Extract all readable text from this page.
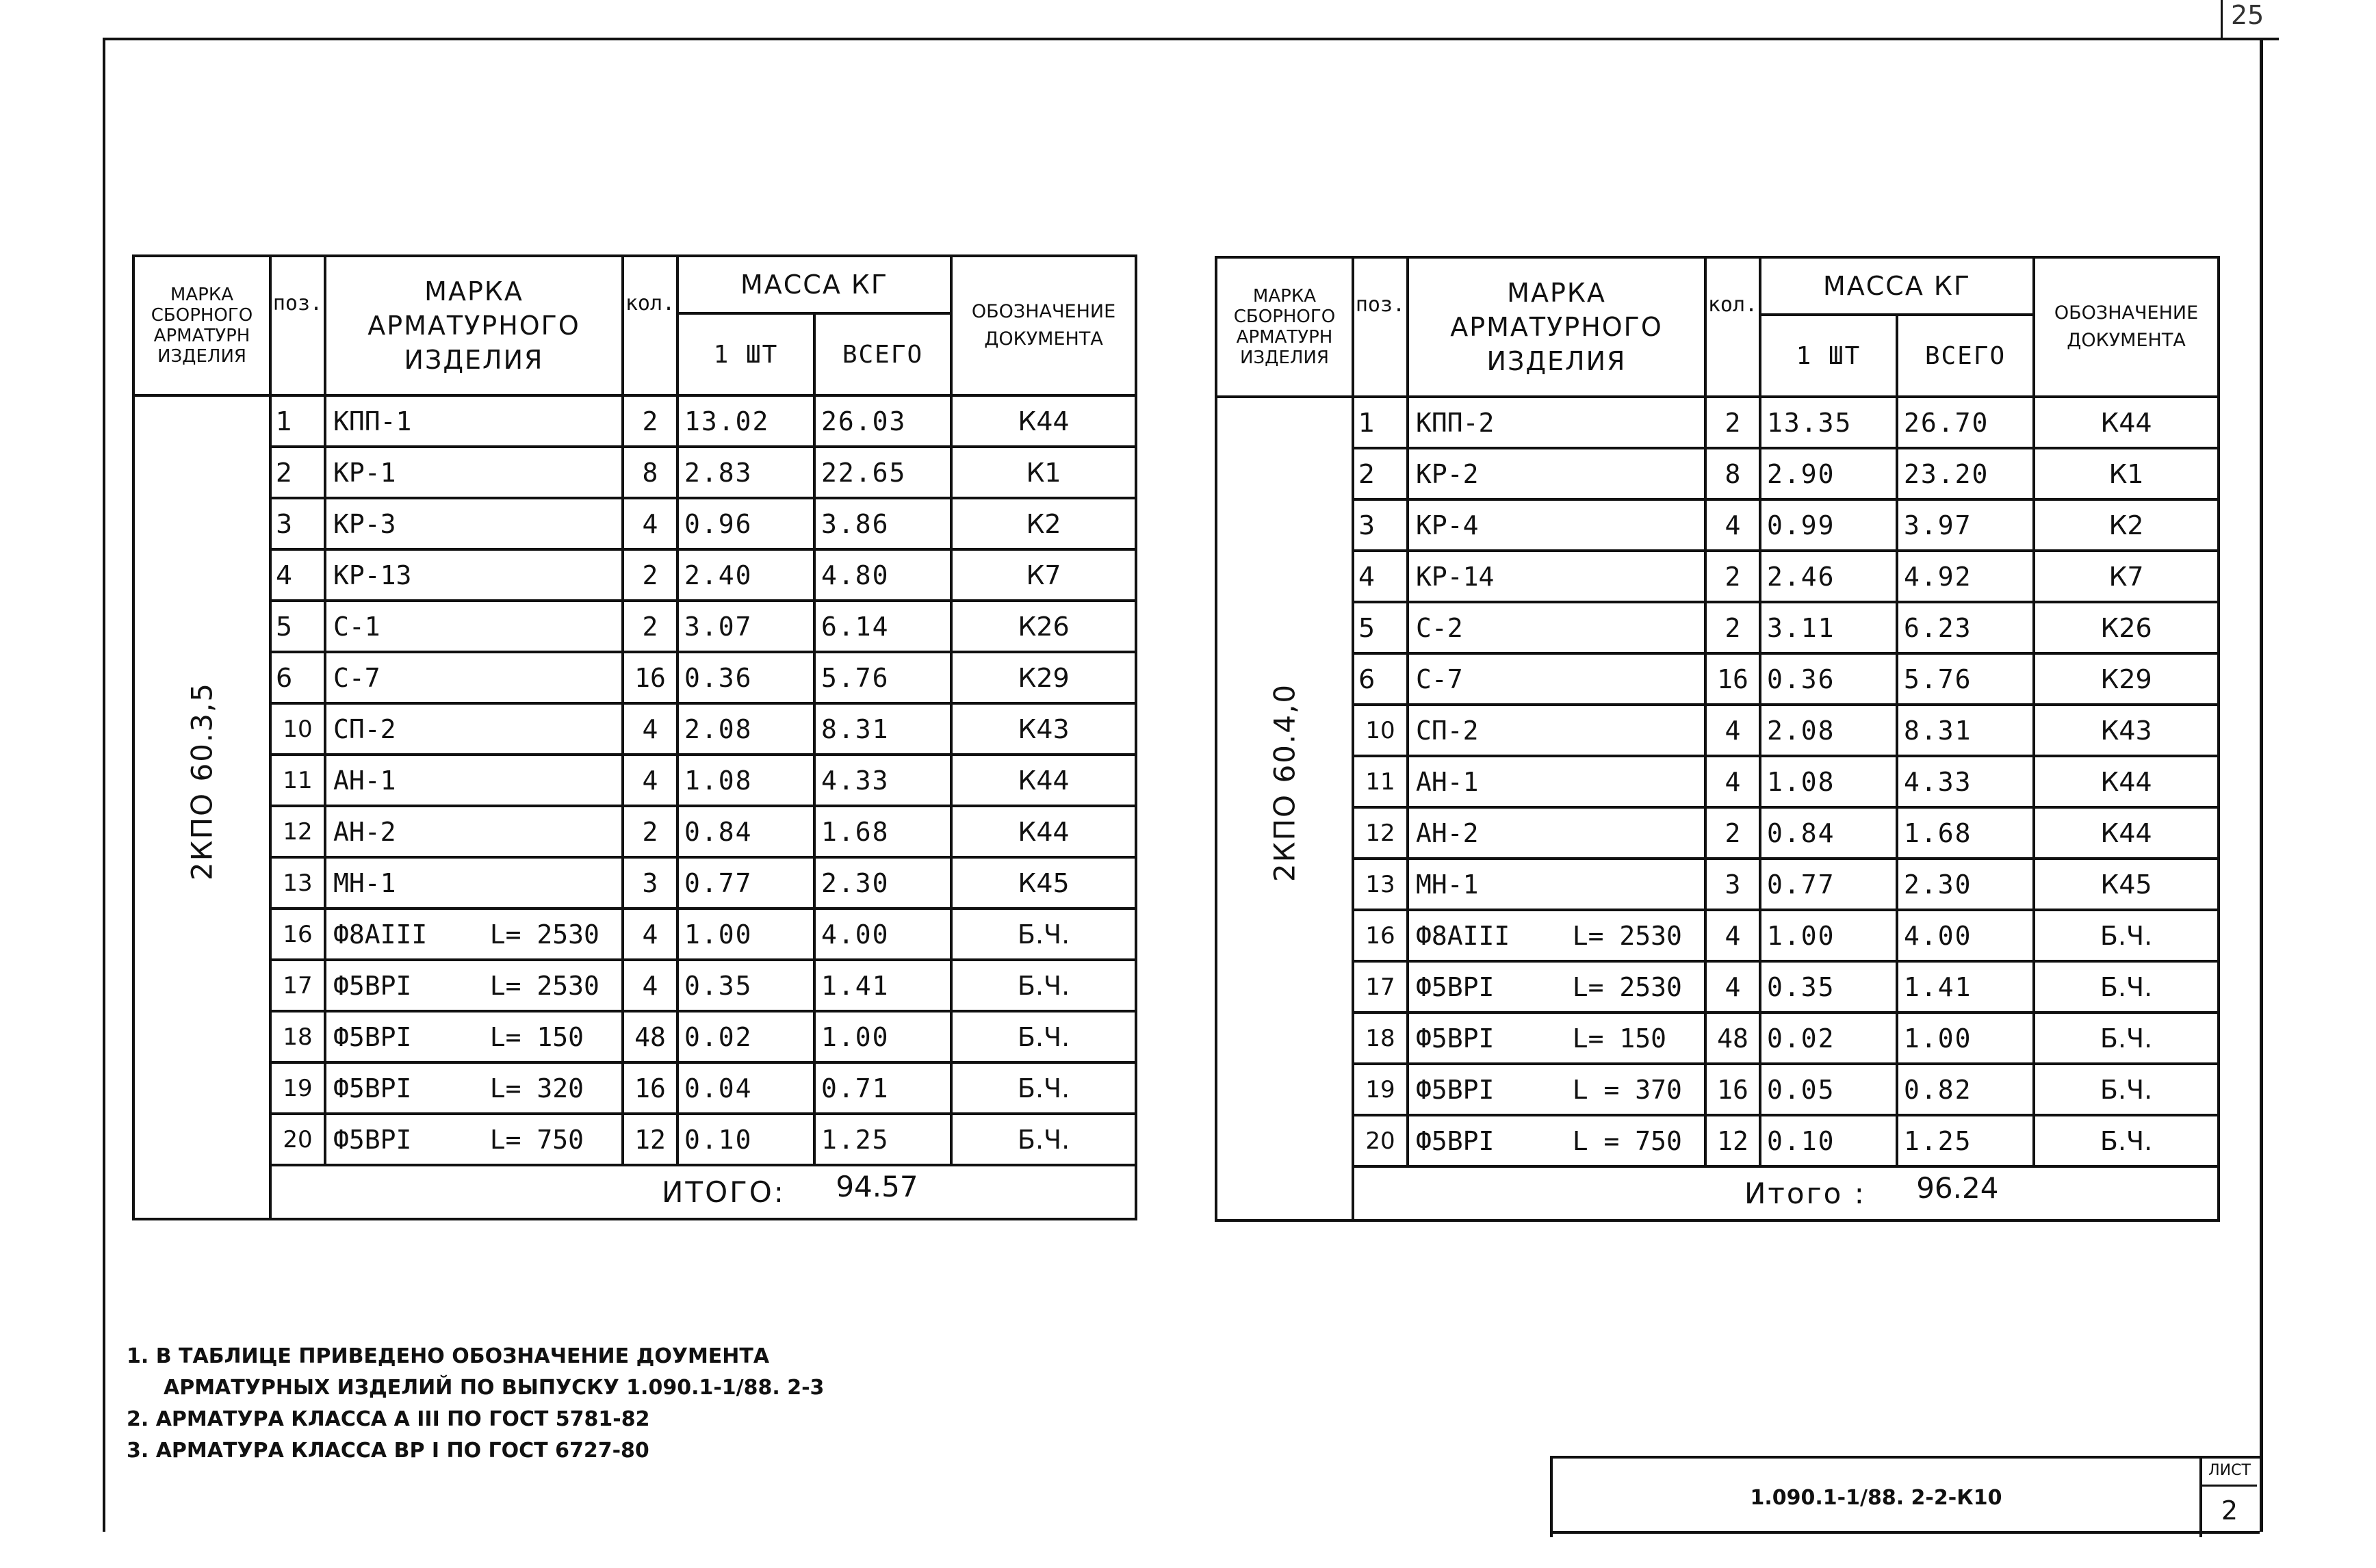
25
МАРКА СБОРНОГО АРМАТУРН ИЗДЕЛИЯ	поз.	МАРКА АРМАТУРНОГО ИЗДЕЛИЯ	кол.	МАССА КГ		ОБОЗНАЧЕНИЕ ДОКУМЕНТА
				1 ШТ	ВСЕГО	

2КПО 60.3,5	1	КПП-1	2	13.02	26.03	К44
	2	КР-1	8	2.83	22.65	К1
	3	КР-3	4	0.96	3.86	К2
	4	КР-13	2	2.40	4.80	К7
	5	С-1	2	3.07	6.14	К26
	6	С-7	16	0.36	5.76	К29
	10	СП-2	4	2.08	8.31	К43
	11	АН-1	4	1.08	4.33	К44
	12	АН-2	2	0.84	1.68	К44
	13	МН-1	3	0.77	2.30	К45
	16	Ф8АIII    L= 2530	4	1.00	4.00	Б.Ч.
	17	Ф5ВРI     L= 2530	4	0.35	1.41	Б.Ч.
	18	Ф5ВРI     L= 150	48	0.02	1.00	Б.Ч.
	19	Ф5ВРI     L= 320	16	0.04	0.71	Б.Ч.
	20	Ф5ВРI     L= 750	12	0.10	1.25	Б.Ч.
	ИТОГО: 94.57					
МАРКА СБОРНОГО АРМАТУРН ИЗДЕЛИЯ	поз.	МАРКА АРМАТУРНОГО ИЗДЕЛИЯ	кол.	МАССА КГ		ОБОЗНАЧЕНИЕ ДОКУМЕНТА
				1 ШТ	ВСЕГО	

2КПО 60.4,0	1	КПП-2	2	13.35	26.70	К44
	2	КР-2	8	2.90	23.20	К1
	3	КР-4	4	0.99	3.97	К2
	4	КР-14	2	2.46	4.92	К7
	5	С-2	2	3.11	6.23	К26
	6	С-7	16	0.36	5.76	К29
	10	СП-2	4	2.08	8.31	К43
	11	АН-1	4	1.08	4.33	К44
	12	АН-2	2	0.84	1.68	К44
	13	МН-1	3	0.77	2.30	К45
	16	Ф8АIII    L= 2530	4	1.00	4.00	Б.Ч.
	17	Ф5ВРI     L= 2530	4	0.35	1.41	Б.Ч.
	18	Ф5ВРI     L= 150	48	0.02	1.00	Б.Ч.
	19	Ф5ВРI     L = 370	16	0.05	0.82	Б.Ч.
	20	Ф5ВРI     L = 750	12	0.10	1.25	Б.Ч.
	Итого : 96.24					
1. В ТАБЛИЦЕ ПРИВЕДЕНО ОБОЗНАЧЕНИЕ ДОУМЕНТА
АРМАТУРНЫХ ИЗДЕЛИЙ ПО ВЫПУСКУ 1.090.1-1/88. 2-3
2. АРМАТУРА КЛАССА А III ПО ГОСТ 5781-82
3. АРМАТУРА КЛАССА ВР I ПО ГОСТ 6727-80
1.090.1-1/88. 2-2-К10
ЛИСТ
2
